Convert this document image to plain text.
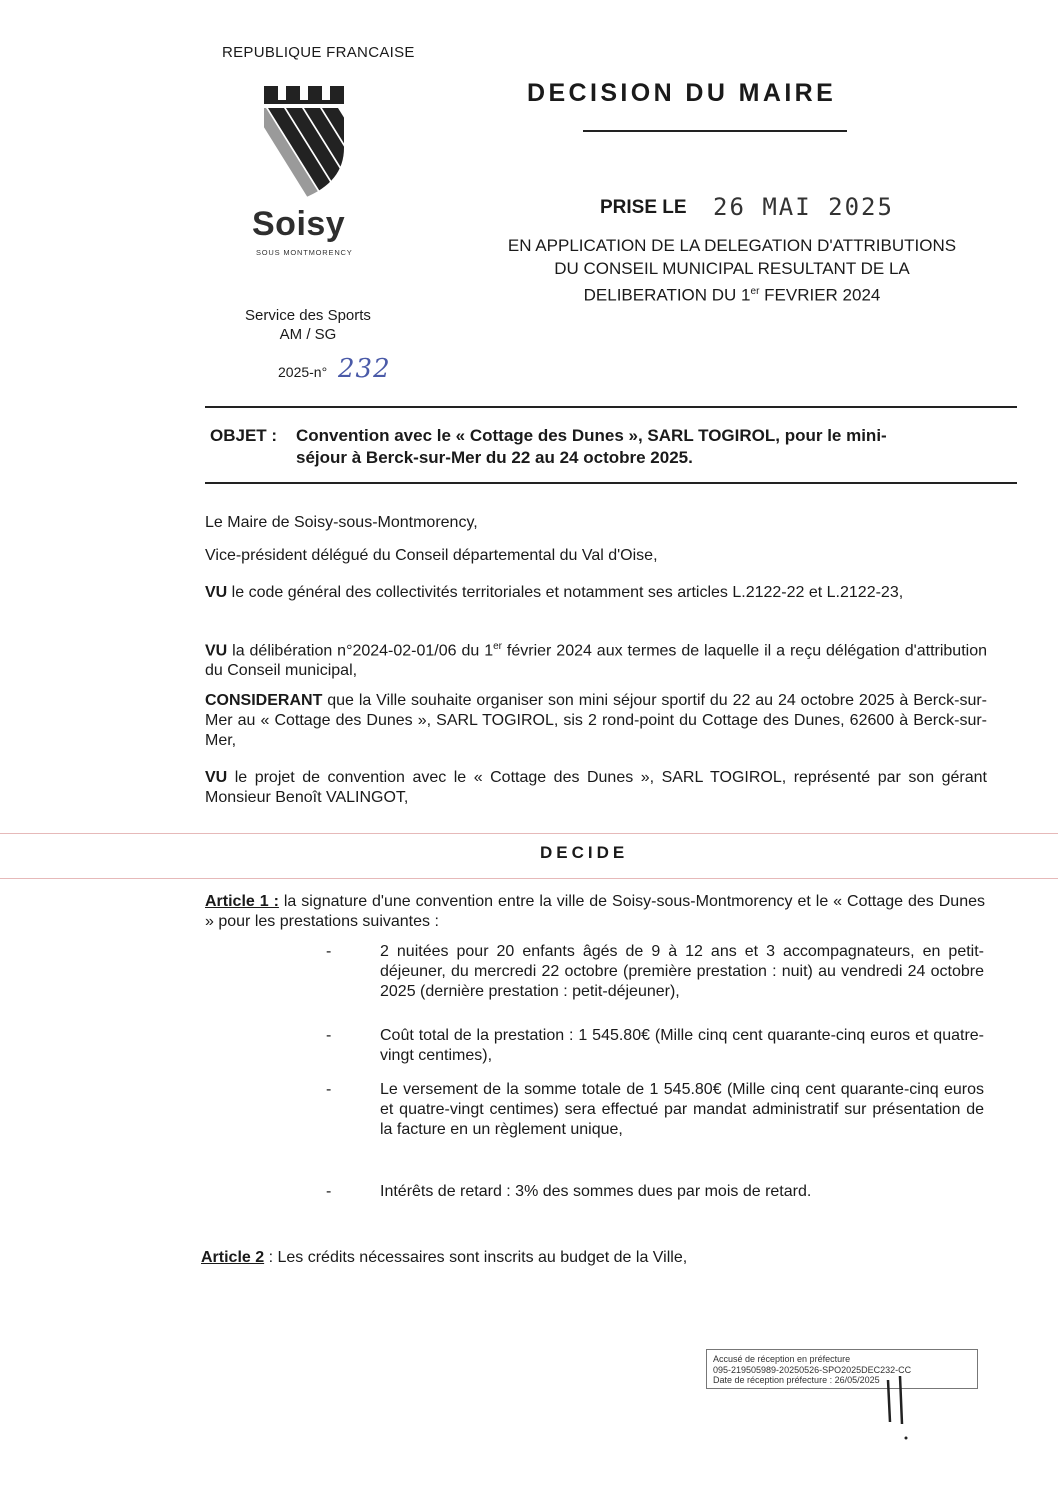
REPUBLIQUE FRANCAISE
Soisy
SOUS MONTMORENCY
Service des Sports
AM / SG
2025-n° 232
DECISION DU MAIRE
PRISE LE 26 MAI 2025
EN APPLICATION DE LA DELEGATION D'ATTRIBUTIONS
DU CONSEIL MUNICIPAL RESULTANT DE LA
DELIBERATION DU 1er FEVRIER 2024
OBJET : Convention avec le « Cottage des Dunes », SARL TOGIROL, pour le mini-
séjour à Berck-sur-Mer du 22 au 24 octobre 2025.
Le Maire de Soisy-sous-Montmorency,
Vice-président délégué du Conseil départemental du Val d'Oise,
VU le code général des collectivités territoriales et notamment ses articles L.2122-22 et L.2122-23,
VU la délibération n°2024-02-01/06 du 1er février 2024 aux termes de laquelle il a reçu délégation d'attribution du Conseil municipal,
CONSIDERANT que la Ville souhaite organiser son mini séjour sportif du 22 au 24 octobre 2025 à Berck-sur-Mer au « Cottage des Dunes », SARL TOGIROL, sis 2 rond-point du Cottage des Dunes, 62600 à Berck-sur-Mer,
VU le projet de convention avec le « Cottage des Dunes », SARL TOGIROL, représenté par son gérant Monsieur Benoît VALINGOT,
DECIDE
Article 1 : la signature d'une convention entre la ville de Soisy-sous-Montmorency et le « Cottage des Dunes » pour les prestations suivantes :
-	2 nuitées pour 20 enfants âgés de 9 à 12 ans et 3 accompagnateurs, en petit-déjeuner, du mercredi 22 octobre (première prestation : nuit) au vendredi 24 octobre 2025 (dernière prestation : petit-déjeuner),
-	Coût total de la prestation : 1 545.80€ (Mille cinq cent quarante-cinq euros et quatre-vingt centimes),
-	Le versement de la somme totale de 1 545.80€ (Mille cinq cent quarante-cinq euros et quatre-vingt centimes) sera effectué par mandat administratif sur présentation de la facture en un règlement unique,
-	Intérêts de retard : 3% des sommes dues par mois de retard.
Article 2 : Les crédits nécessaires sont inscrits au budget de la Ville,
Accusé de réception en préfecture
095-219505989-20250526-SPO2025DEC232-CC
Date de réception préfecture : 26/05/2025
